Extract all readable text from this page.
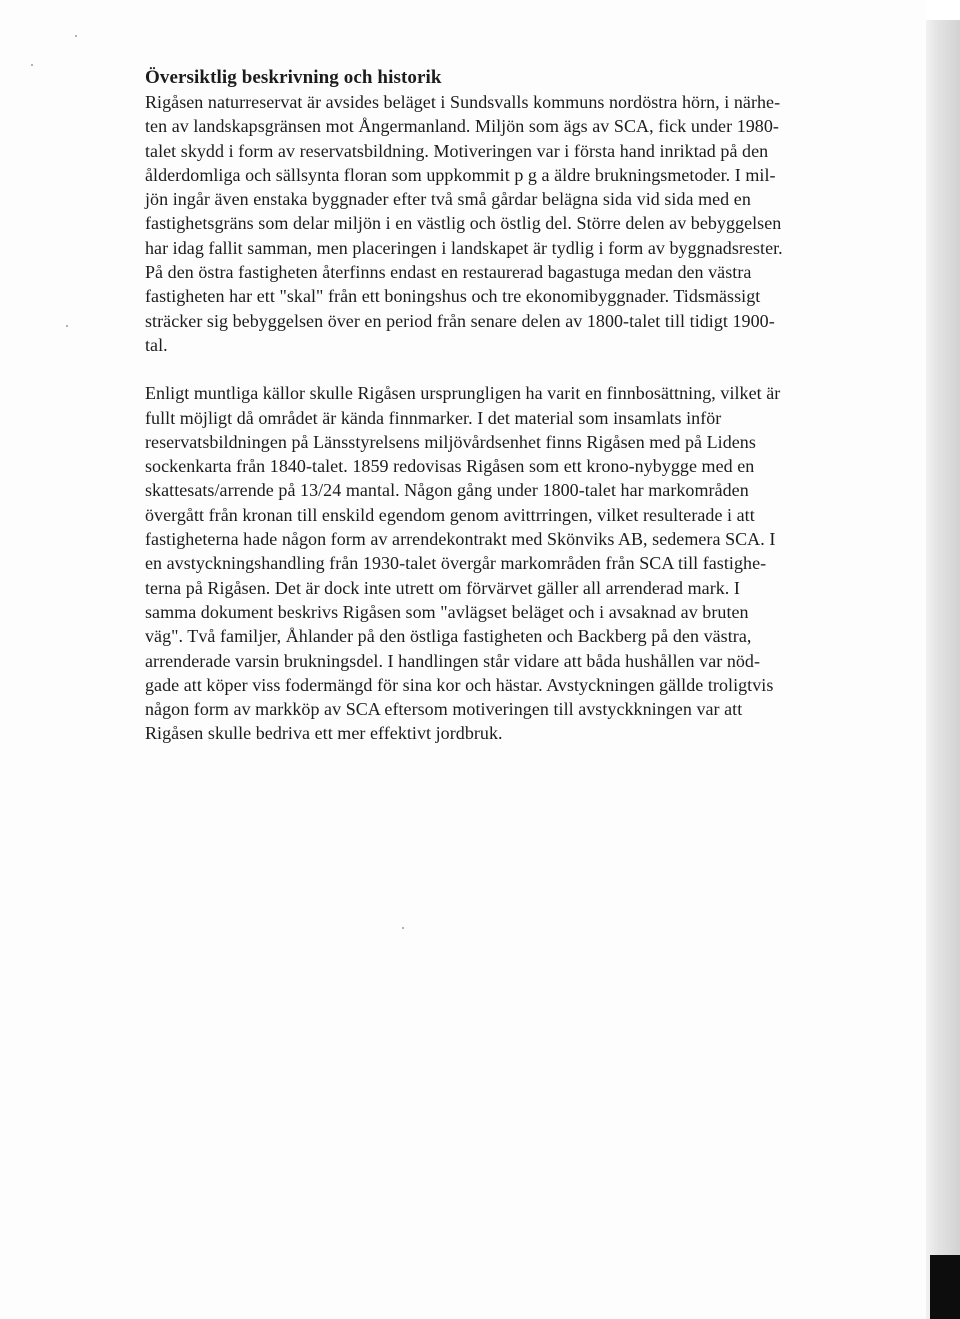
Översiktlig beskrivning och historik
Rigåsen naturreservat är avsides beläget i Sundsvalls kommuns nordöstra hörn, i närhe-
ten av landskapsgränsen mot Ångermanland. Miljön som ägs av SCA, fick under 1980-
talet skydd i form av reservatsbildning. Motiveringen var i första hand inriktad på den
ålderdomliga och sällsynta floran som uppkommit p g a äldre brukningsmetoder. I mil-
jön ingår även enstaka byggnader efter två små gårdar belägna sida vid sida med en
fastighetsgräns som delar miljön i en västlig och östlig del. Större delen av bebyggelsen
har idag fallit samman, men placeringen i landskapet är tydlig i form av byggnadsrester.
På den östra fastigheten återfinns endast en restaurerad bagastuga medan den västra
fastigheten har ett "skal" från ett boningshus och tre ekonomibyggnader. Tidsmässigt
sträcker sig bebyggelsen över en period från senare delen av 1800-talet till tidigt 1900-
tal.
Enligt muntliga källor skulle Rigåsen ursprungligen ha varit en finnbosättning, vilket är
fullt möjligt då området är kända finnmarker. I det material som insamlats inför
reservatsbildningen på Länsstyrelsens miljövårdsenhet finns Rigåsen med på Lidens
sockenkarta från 1840-talet. 1859 redovisas Rigåsen som ett krono-nybygge med en
skattesats/arrende på 13/24 mantal. Någon gång under 1800-talet har markområden
övergått från kronan till enskild egendom genom avittrringen, vilket resulterade i att
fastigheterna hade någon form av arrendekontrakt med Skönviks AB, sedemera SCA. I
en avstyckningshandling från 1930-talet övergår markområden från SCA till fastighe-
terna på Rigåsen. Det är dock inte utrett om förvärvet gäller all arrenderad mark. I
samma dokument beskrivs Rigåsen som "avlägset beläget och i avsaknad av bruten
väg". Två familjer, Åhlander på den östliga fastigheten och Backberg på den västra,
arrenderade varsin brukningsdel. I handlingen står vidare att båda hushållen var nöd-
gade att köper viss fodermängd för sina kor och hästar. Avstyckningen gällde troligtvis
någon form av markköp av SCA eftersom motiveringen till avstyckkningen var att
Rigåsen skulle bedriva ett mer effektivt jordbruk.
